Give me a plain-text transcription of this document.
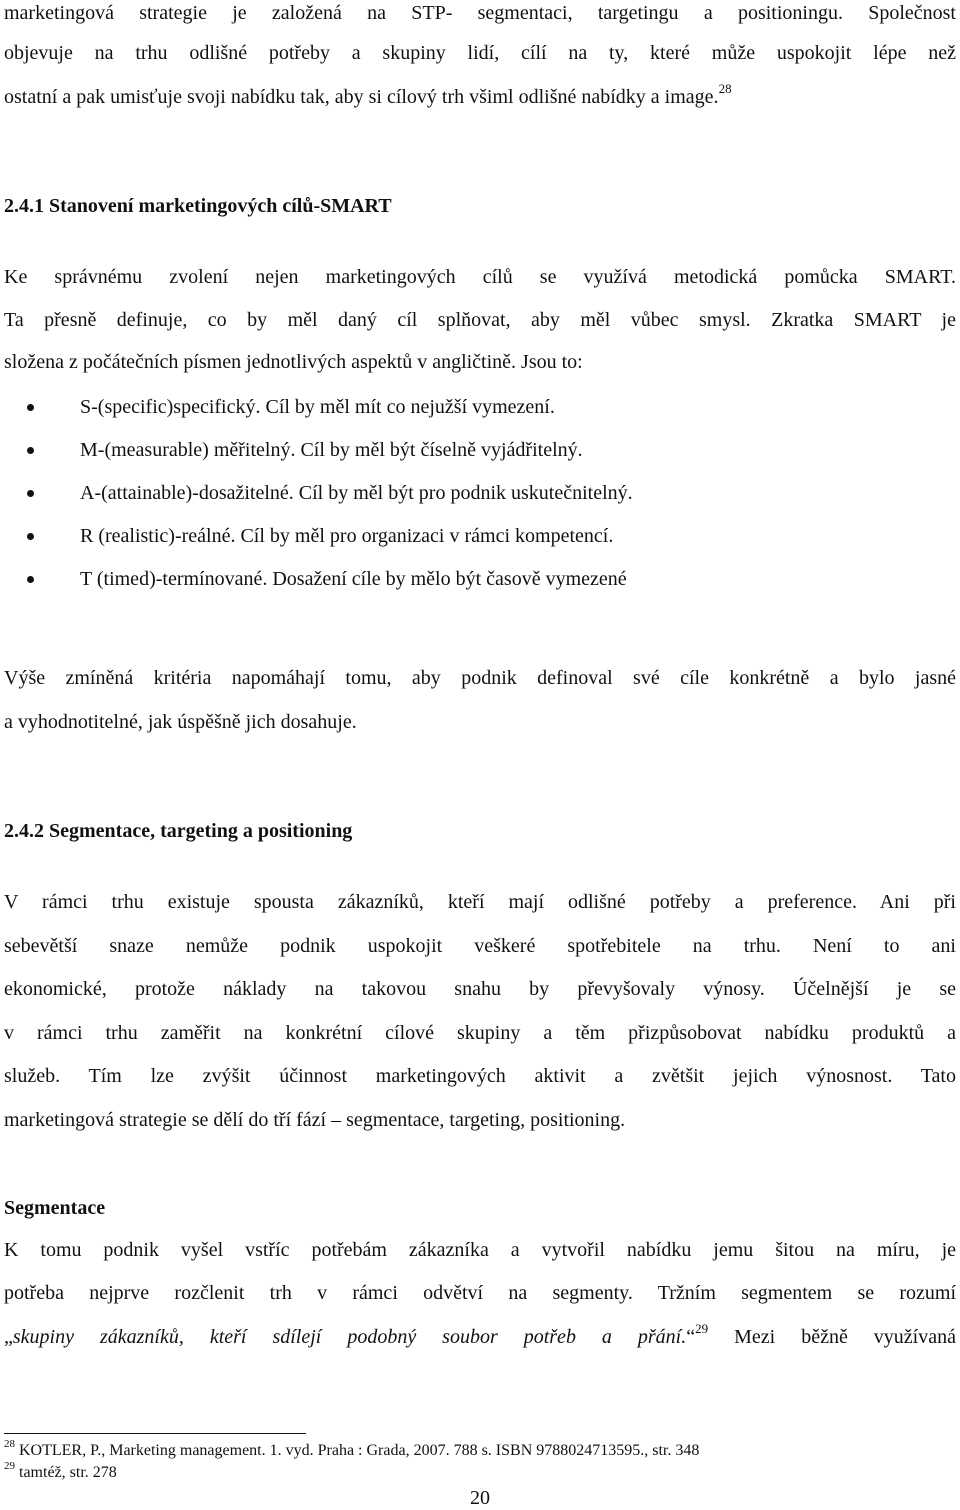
marketingová strategie je založená na STP- segmentaci, targetingu a positioningu. Společnost
objevuje na trhu odlišné potřeby a skupiny lidí, cílí na ty, které může uspokojit lépe než
ostatní a pak umisťuje svoji nabídku tak, aby si cílový trh všiml odlišné nabídky a image.$^{28}$
2.4.1 Stanovení marketingových cílů-SMART
Ke správnému zvolení nejen marketingových cílů se využívá metodická pomůcka SMART.
Ta přesně definuje, co by měl daný cíl splňovat, aby měl vůbec smysl. Zkratka SMART je
složena z počátečních písmen jednotlivých aspektů v angličtině. Jsou to:
S-(specific)specifický. Cíl by měl mít co nejužší vymezení.
M-(measurable) měřitelný. Cíl by měl být číselně vyjádřitelný.
A-(attainable)-dosažitelné. Cíl by měl být pro podnik uskutečnitelný.
R (realistic)-reálné. Cíl by měl pro organizaci v rámci kompetencí.
T (timed)-termínované. Dosažení cíle by mělo být časově vymezené
Výše zmíněná kritéria napomáhají tomu, aby podnik definoval své cíle konkrétně a bylo jasné
a vyhodnotitelné, jak úspěšně jich dosahuje.
2.4.2 Segmentace, targeting a positioning
V rámci trhu existuje spousta zákazníků, kteří mají odlišné potřeby a preference. Ani při
sebevětší snaze nemůže podnik uspokojit veškeré spotřebitele na trhu. Není to ani
ekonomické, protože náklady na takovou snahu by převyšovaly výnosy. Účelnější je se
v rámci trhu zaměřit na konkrétní cílové skupiny a těm přizpůsobovat nabídku produktů a
služeb. Tím lze zvýšit účinnost marketingových aktivit a zvětšit jejich výnosnost. Tato
marketingová strategie se dělí do tří fází – segmentace, targeting, positioning.
Segmentace
K tomu podnik vyšel vstříc potřebám zákazníka a vytvořil nabídku jemu šitou na míru, je
potřeba nejprve rozčlenit trh v rámci odvětví na segmenty. Tržním segmentem se rozumí
„skupiny zákazníků, kteří sdílejí podobný soubor potřeb a přání.“$^{29}$ Mezi běžně využívaná
$^{28}$ KOTLER, P., Marketing management. 1. vyd. Praha : Grada, 2007. 788 s. ISBN 9788024713595., str. 348
$^{29}$ tamtéž, str. 278
20
